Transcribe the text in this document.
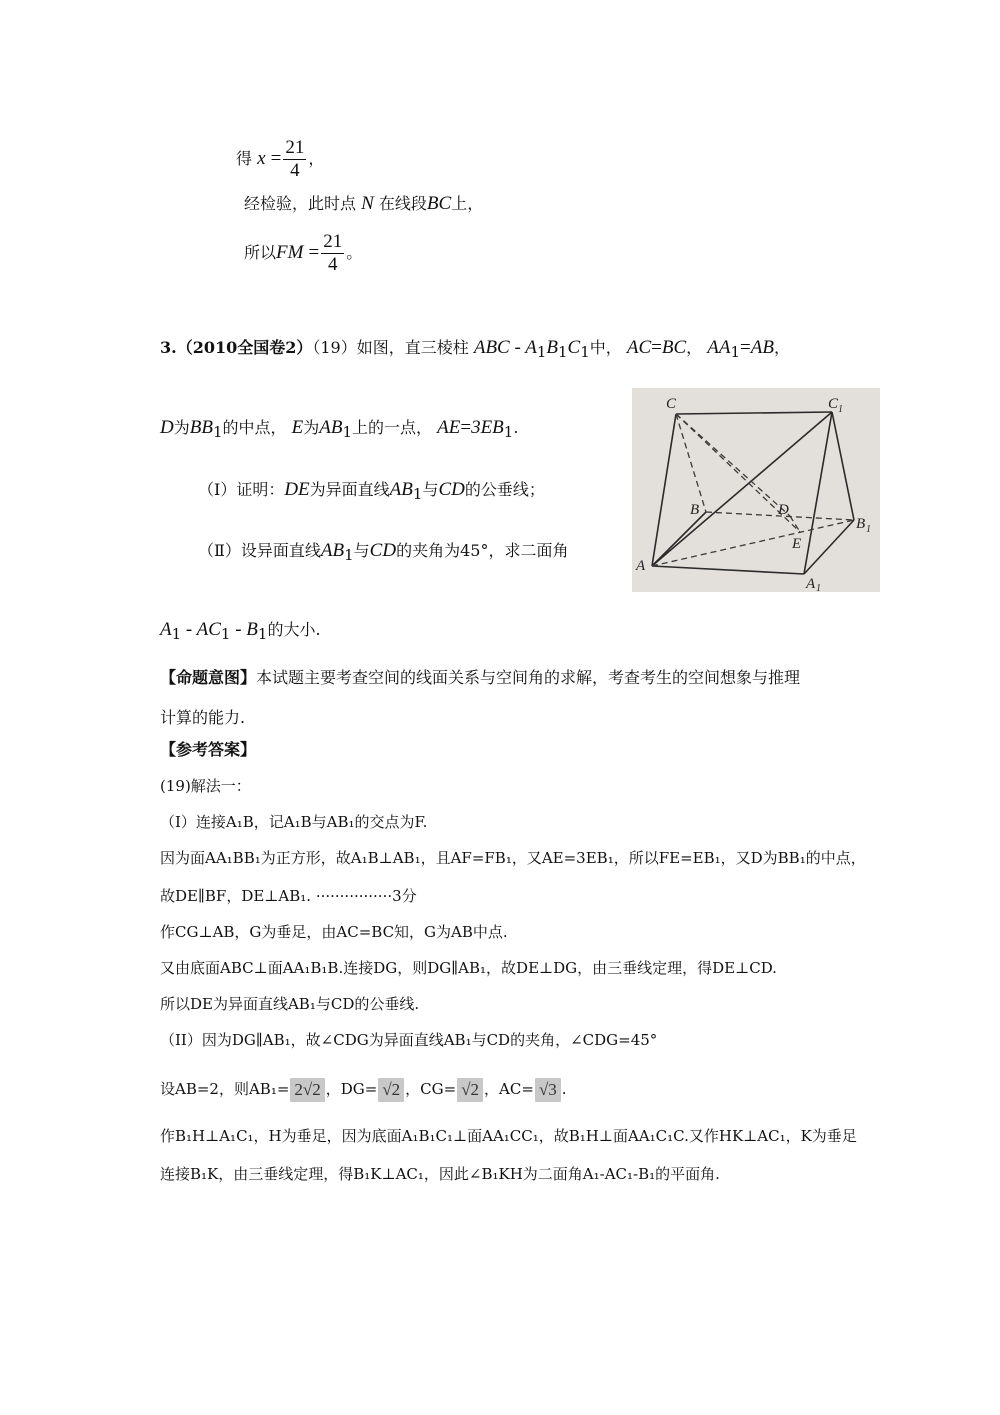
得 $x = \frac{21}{4}$ ，
经检验，此时点 N 在线段BC上，
所以FM = $\frac{21}{4}$ 。
3.（2010全国卷2）（19）如图，直三棱柱 ABC - $A_1B_1C_1$中， AC=BC， $AA_1=AB$，
D为$BB_1$的中点， E为$AB_1$上的一点， $AE=3EB_1$.
（Ⅰ）证明：DE为异面直线$AB_1$与CD的公垂线；
（Ⅱ）设异面直线$AB_1$与CD的夹角为45°，求二面角
$A_1 - AC_1 - B_1$的大小.
C	C 1
B	D
B 1
E
A
A 1
【命题意图】本试题主要考查空间的线面关系与空间角的求解，考查考生的空间想象与推理
计算的能力.
【参考答案】
(19)解法一：
（I）连接A₁B，记A₁B与AB₁的交点为F.
因为面AA₁BB₁为正方形，故A₁B⊥AB₁，且AF=FB₁，又AE=3EB₁，所以FE=EB₁，又D为BB₁的中点，
故DE∥BF，DE⊥AB₁. ················3分
作CG⊥AB，G为垂足，由AC=BC知，G为AB中点.
又由底面ABC⊥面AA₁B₁B.连接DG，则DG∥AB₁，故DE⊥DG，由三垂线定理，得DE⊥CD.
所以DE为异面直线AB₁与CD的公垂线.
（II）因为DG∥AB₁，故∠CDG为异面直线AB₁与CD的夹角，∠CDG=45°
设AB=2，则AB₁= 2√2 ，DG= √2 ，CG= √2 ，AC= √3 .
作B₁H⊥A₁C₁，H为垂足，因为底面A₁B₁C₁⊥面AA₁CC₁，故B₁H⊥面AA₁C₁C.又作HK⊥AC₁，K为垂足
连接B₁K，由三垂线定理，得B₁K⊥AC₁，因此∠B₁KH为二面角A₁-AC₁-B₁的平面角.
